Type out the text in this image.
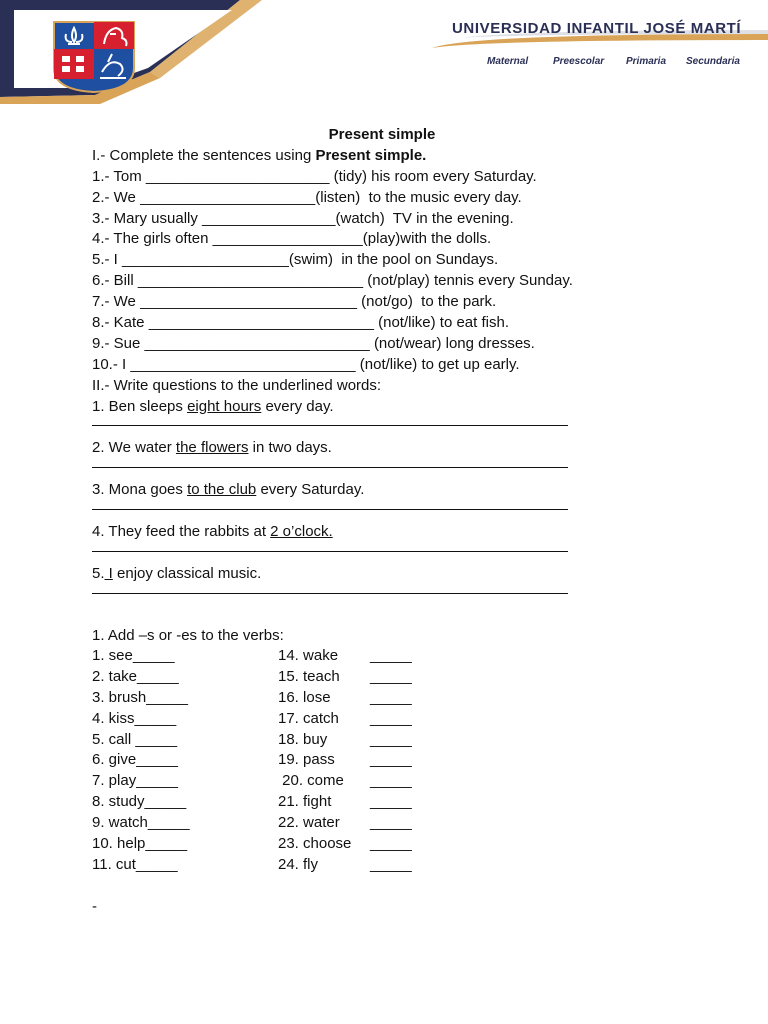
UNIVERSIDAD INFANTIL JOSÉ MARTÍ
Maternal Preescolar Primaria Secundaria
Present simple
I.- Complete the sentences using Present simple.
1.- Tom ______________________ (tidy) his room every Saturday.
2.- We _____________________(listen)  to the music every day.
3.- Mary usually ________________(watch)  TV in the evening.
4.- The girls often __________________(play)with the dolls.
5.- I ____________________(swim)  in the pool on Sundays.
6.- Bill ___________________________ (not/play) tennis every Sunday.
7.- We __________________________ (not/go)  to the park.
8.- Kate ___________________________ (not/like) to eat fish.
9.- Sue ___________________________ (not/wear) long dresses.
10.- I ___________________________ (not/like) to get up early.
II.- Write questions to the underlined words:
1. Ben sleeps eight hours every day.
2. We water the flowers in two days.
3. Mona goes to the club every Saturday.
4. They feed the rabbits at 2 o’clock.
5. I enjoy classical music.
1. Add –s or -es to the verbs:
1. see_____
2. take_____
3. brush_____
4. kiss_____
5. call _____
6. give_____
7. play_____
8. study_____
9. watch_____
10. help_____
11. cut_____
14. wake
15. teach
16. lose
17. catch
18. buy
19. pass
20. come
21. fight
22. water
23. choose
24. fly
_____
_____
_____
_____
_____
_____
_____
_____
_____
_____
_____
-
